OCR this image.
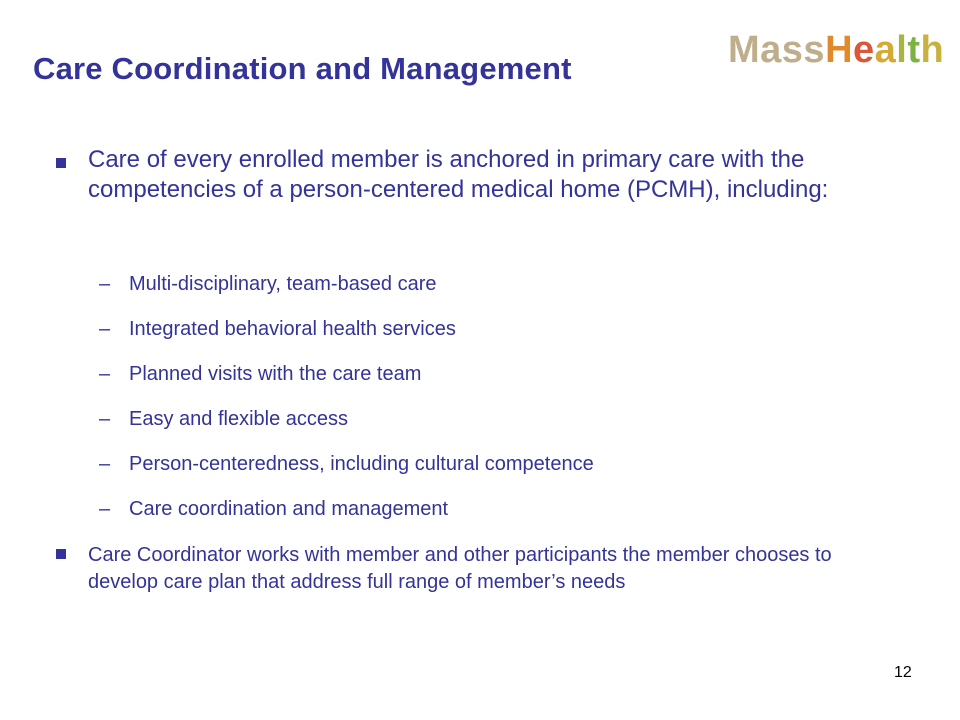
Care Coordination and Management	MassHealth
Care of every enrolled member is anchored in primary care with the competencies of a person-centered medical home (PCMH), including:
– Multi-disciplinary, team-based care
– Integrated behavioral health services
– Planned visits with the care team
– Easy and flexible access
– Person-centeredness, including cultural competence
– Care coordination and management
Care Coordinator works with member and other participants the member chooses to develop care plan that address full range of member’s needs
12
